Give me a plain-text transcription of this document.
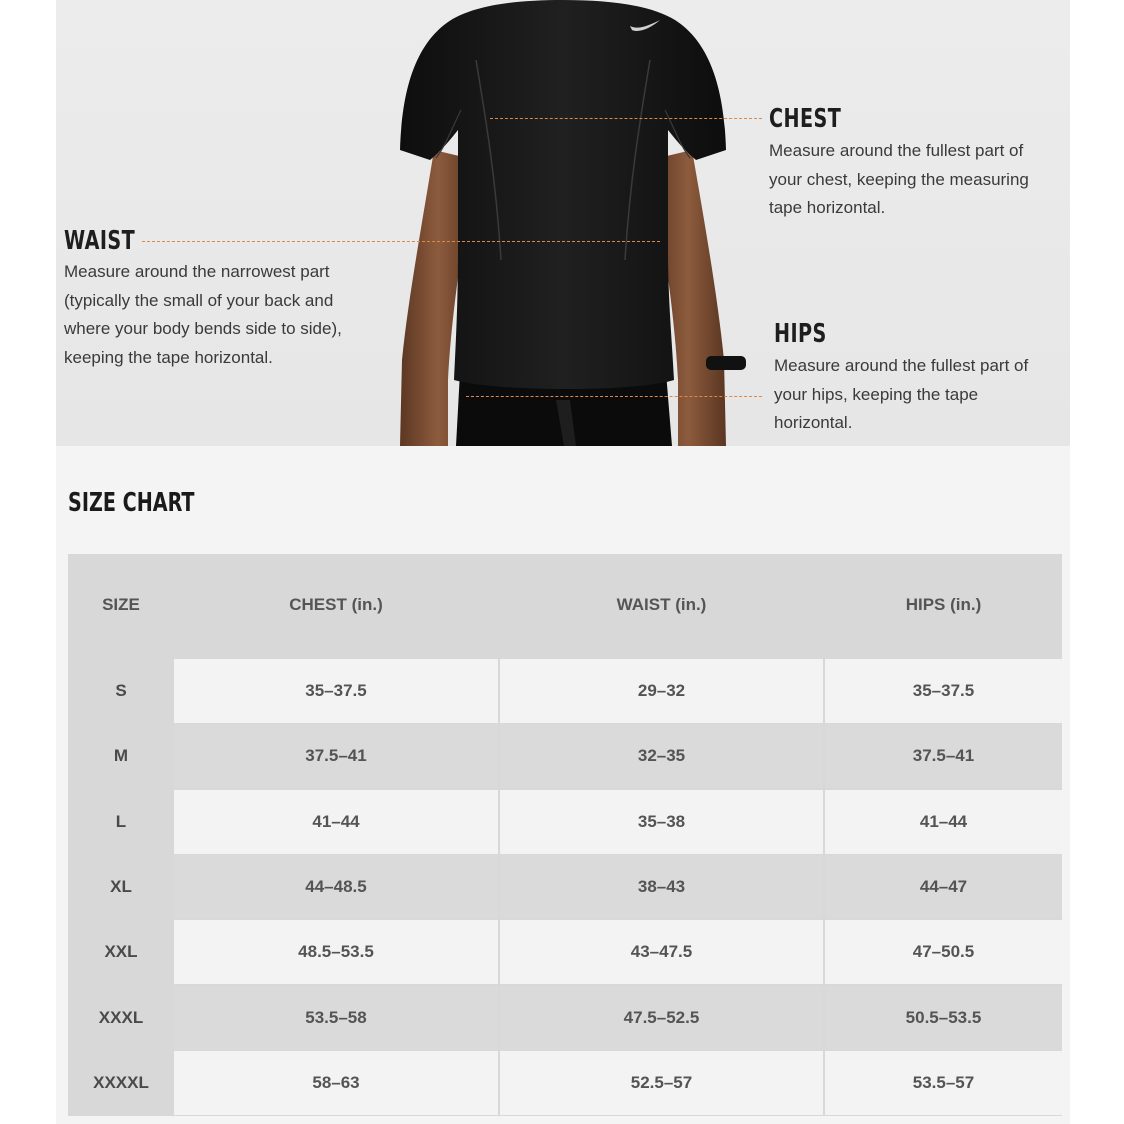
CHEST
Measure around the fullest part of
your chest, keeping the measuring
tape horizontal.
WAIST
Measure around the narrowest part
(typically the small of your back and
where your body bends side to side),
keeping the tape horizontal.
HIPS
Measure around the fullest part of
your hips, keeping the tape
horizontal.
SIZE CHART
SIZE	CHEST (in.)	WAIST (in.)	HIPS (in.)
S	35–37.5	29–32	35–37.5
M	37.5–41	32–35	37.5–41
L	41–44	35–38	41–44
XL	44–48.5	38–43	44–47
XXL	48.5–53.5	43–47.5	47–50.5
XXXL	53.5–58	47.5–52.5	50.5–53.5
XXXXL	58–63	52.5–57	53.5–57
